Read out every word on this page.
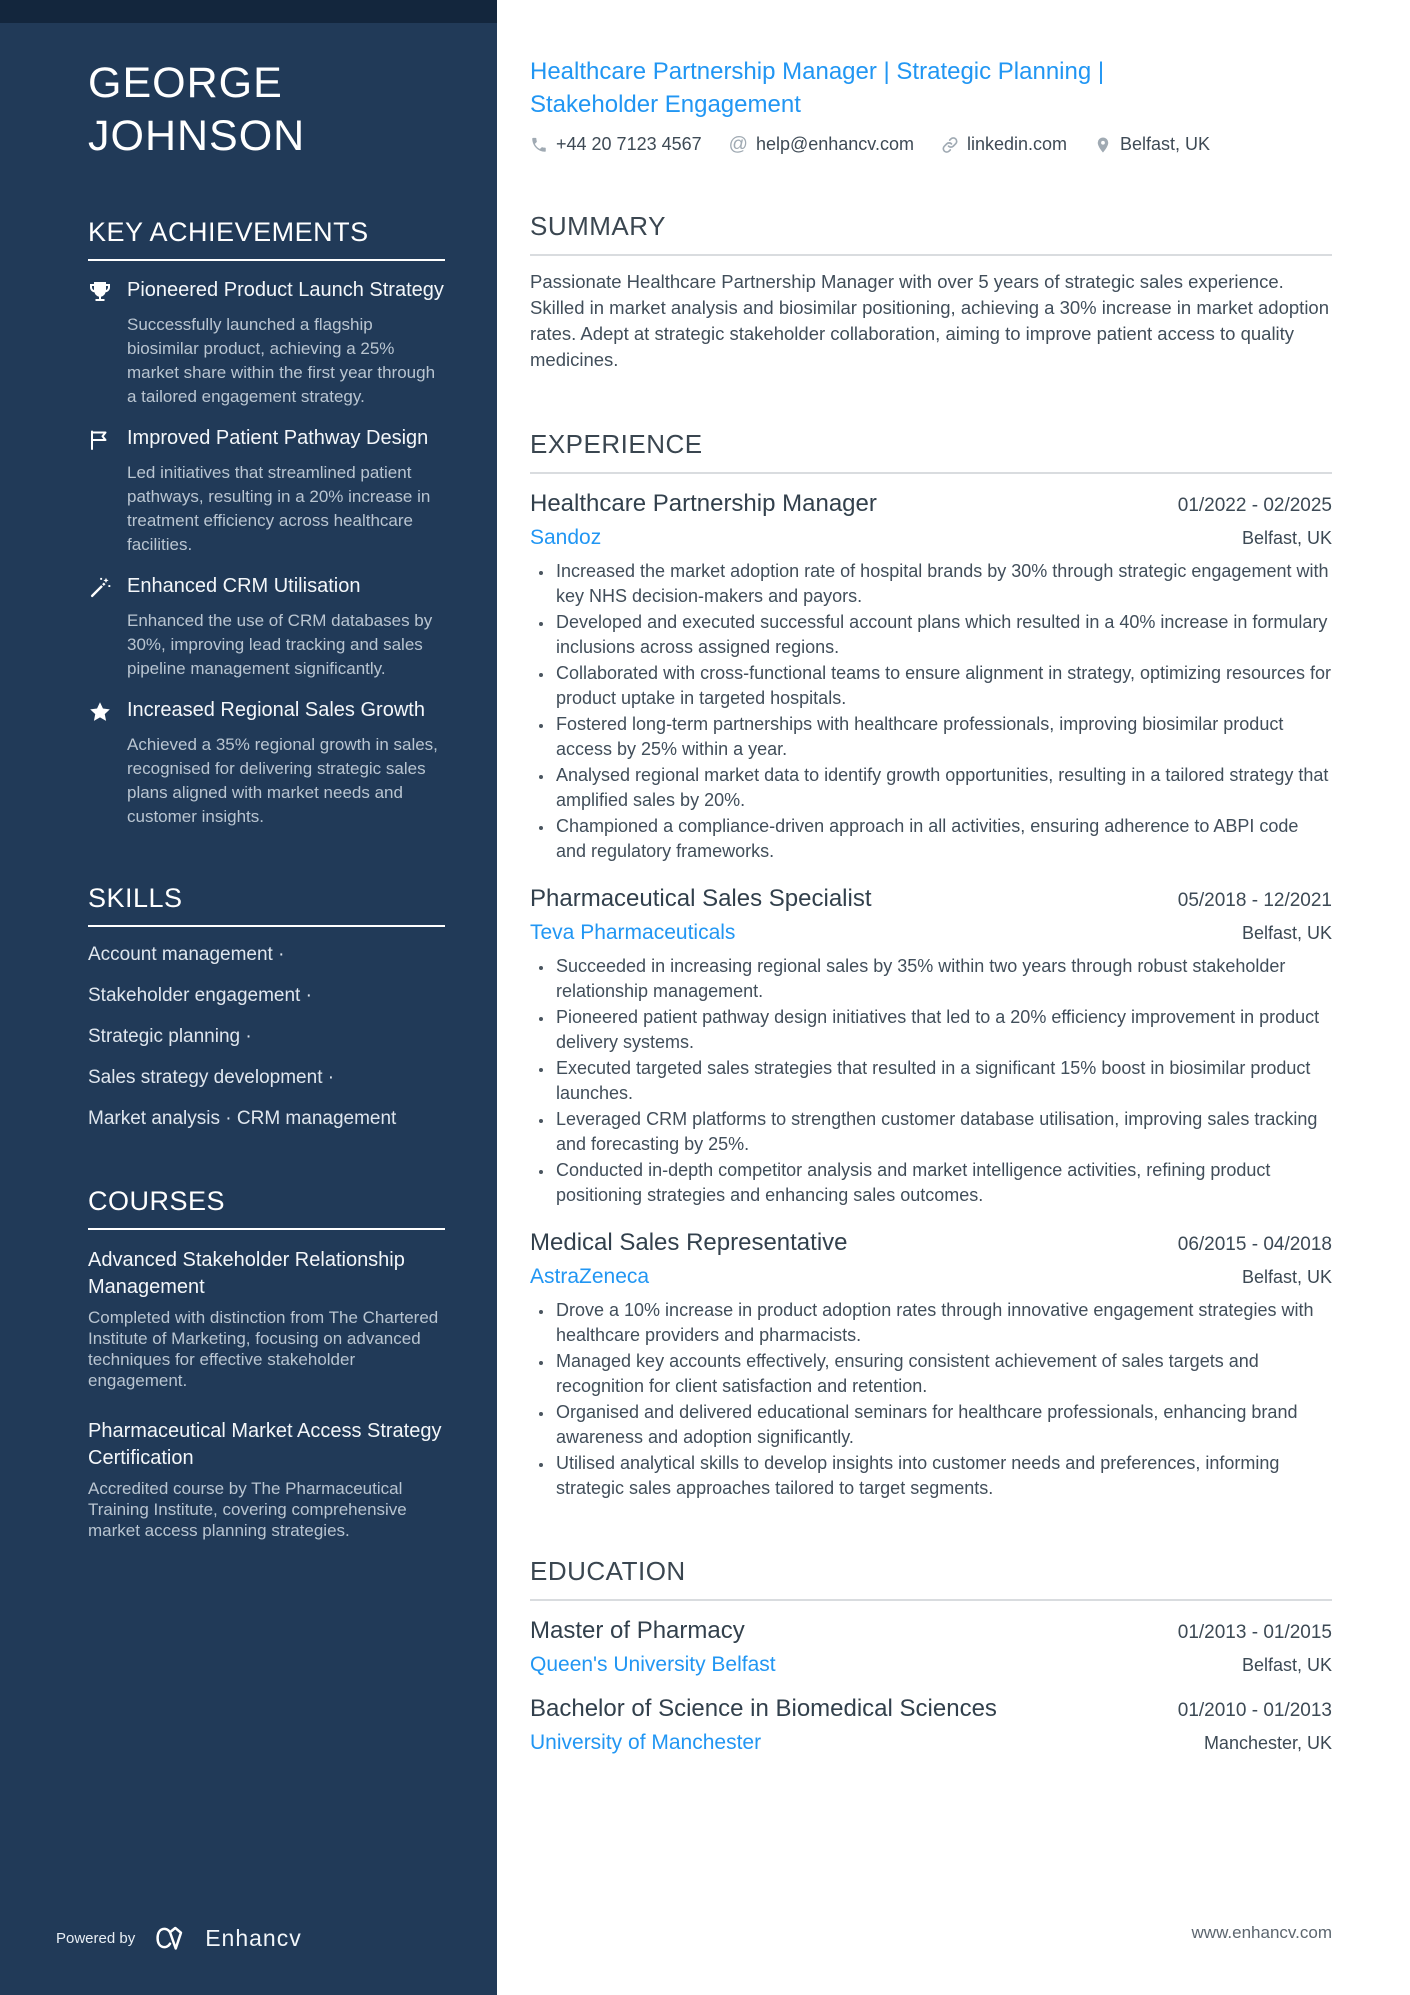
GEORGE JOHNSON
KEY ACHIEVEMENTS
Pioneered Product Launch Strategy
Successfully launched a flagship biosimilar product, achieving a 25% market share within the first year through a tailored engagement strategy.
Improved Patient Pathway Design
Led initiatives that streamlined patient pathways, resulting in a 20% increase in treatment efficiency across healthcare facilities.
Enhanced CRM Utilisation
Enhanced the use of CRM databases by 30%, improving lead tracking and sales pipeline management significantly.
Increased Regional Sales Growth
Achieved a 35% regional growth in sales, recognised for delivering strategic sales plans aligned with market needs and customer insights.
SKILLS
Account management ·
Stakeholder engagement ·
Strategic planning ·
Sales strategy development ·
Market analysis · CRM management
COURSES
Advanced Stakeholder Relationship Management
Completed with distinction from The Chartered Institute of Marketing, focusing on advanced techniques for effective stakeholder engagement.
Pharmaceutical Market Access Strategy Certification
Accredited course by The Pharmaceutical Training Institute, covering comprehensive market access planning strategies.
Powered by	Enhancv
Healthcare Partnership Manager | Strategic Planning | Stakeholder Engagement
+44 20 7123 4567 @ help@enhancv.com	linkedin.com	Belfast, UK
SUMMARY

Passionate Healthcare Partnership Manager with over 5 years of strategic sales experience. Skilled in market analysis and biosimilar positioning, achieving a 30% increase in market adoption rates. Adept at strategic stakeholder collaboration, aiming to improve patient access to quality medicines.

EXPERIENCE
Healthcare Partnership Manager	01/2022 - 02/2025
Sandoz	Belfast, UK
• Increased the market adoption rate of hospital brands by 30% through strategic engagement with key NHS decision-makers and payors.
• Developed and executed successful account plans which resulted in a 40% increase in formulary inclusions across assigned regions.
• Collaborated with cross-functional teams to ensure alignment in strategy, optimizing resources for product uptake in targeted hospitals.
• Fostered long-term partnerships with healthcare professionals, improving biosimilar product access by 25% within a year.
• Analysed regional market data to identify growth opportunities, resulting in a tailored strategy that amplified sales by 20%.
• Championed a compliance-driven approach in all activities, ensuring adherence to ABPI code and regulatory frameworks.
Pharmaceutical Sales Specialist	05/2018 - 12/2021
Teva Pharmaceuticals	Belfast, UK
• Succeeded in increasing regional sales by 35% within two years through robust stakeholder relationship management.
• Pioneered patient pathway design initiatives that led to a 20% efficiency improvement in product delivery systems.
• Executed targeted sales strategies that resulted in a significant 15% boost in biosimilar product launches.
• Leveraged CRM platforms to strengthen customer database utilisation, improving sales tracking and forecasting by 25%.
• Conducted in-depth competitor analysis and market intelligence activities, refining product positioning strategies and enhancing sales outcomes.
Medical Sales Representative	06/2015 - 04/2018
AstraZeneca	Belfast, UK
• Drove a 10% increase in product adoption rates through innovative engagement strategies with healthcare providers and pharmacists.
• Managed key accounts effectively, ensuring consistent achievement of sales targets and recognition for client satisfaction and retention.
• Organised and delivered educational seminars for healthcare professionals, enhancing brand awareness and adoption significantly.
• Utilised analytical skills to develop insights into customer needs and preferences, informing strategic sales approaches tailored to target segments.
EDUCATION
Master of Pharmacy	01/2013 - 01/2015
Queen's University Belfast	Belfast, UK
Bachelor of Science in Biomedical Sciences	01/2010 - 01/2013
University of Manchester	Manchester, UK
www.enhancv.com
